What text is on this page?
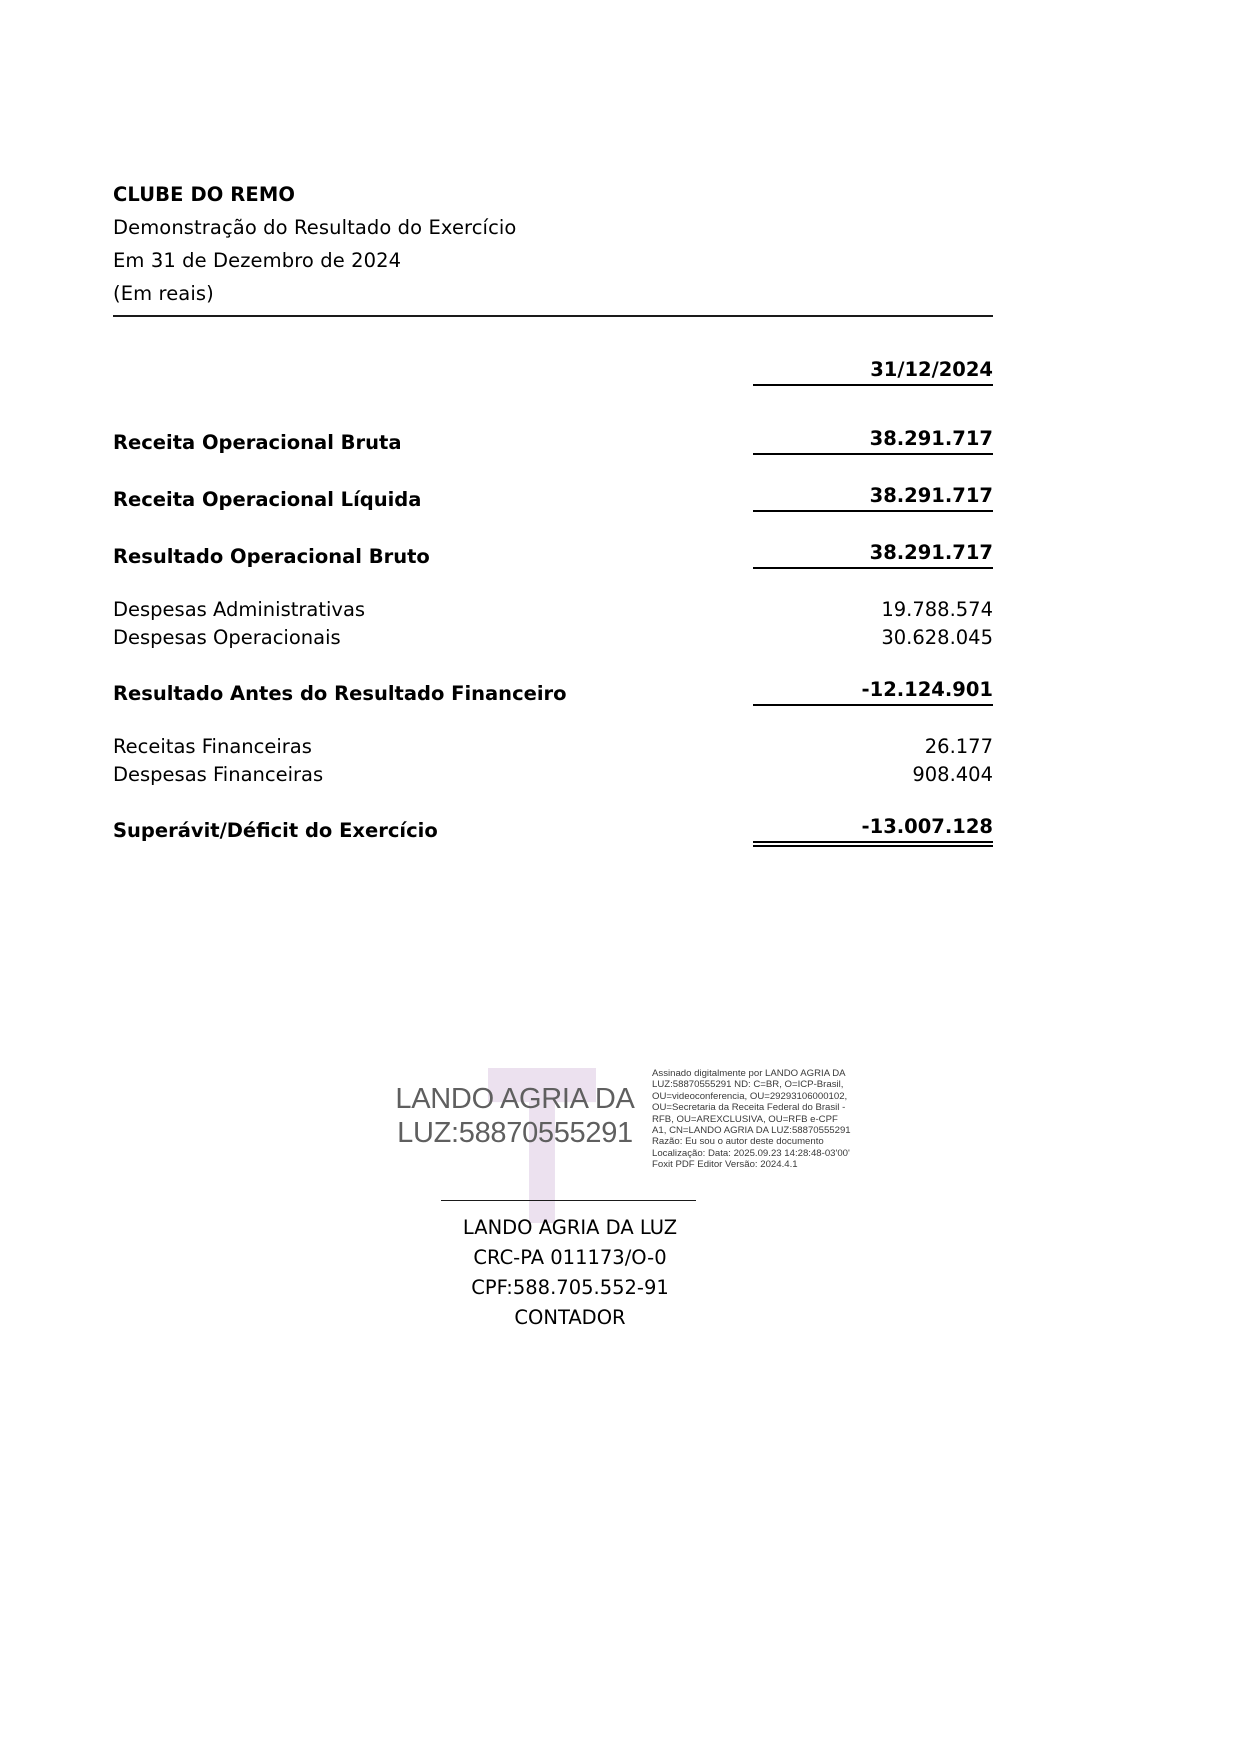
CLUBE DO REMO
Demonstração do Resultado do Exercício
Em 31 de Dezembro de 2024
(Em reais)

	31/12/2024

Receita Operacional Bruta	38.291.717

Receita Operacional Líquida	38.291.717

Resultado Operacional Bruto	38.291.717

Despesas Administrativas	19.788.574

Despesas Operacionais	30.628.045

Resultado Antes do Resultado Financeiro	-12.124.901

Receitas Financeiras	26.177

Despesas Financeiras	908.404

Superávit/Déficit do Exercício	-13.007.128
LANDO AGRIA DA LUZ:58870555291
Assinado digitalmente por LANDO AGRIA DA LUZ:58870555291 ND: C=BR, O=ICP-Brasil, OU=videoconferencia, OU=29293106000102, OU=Secretaria da Receita Federal do Brasil - RFB, OU=AREXCLUSIVA, OU=RFB e-CPF A1, CN=LANDO AGRIA DA LUZ:58870555291 Razão: Eu sou o autor deste documento Localização: Data: 2025.09.23 14:28:48-03'00' Foxit PDF Editor Versão: 2024.4.1
LANDO AGRIA DA LUZ
CRC-PA 011173/O-0
CPF:588.705.552-91
CONTADOR
